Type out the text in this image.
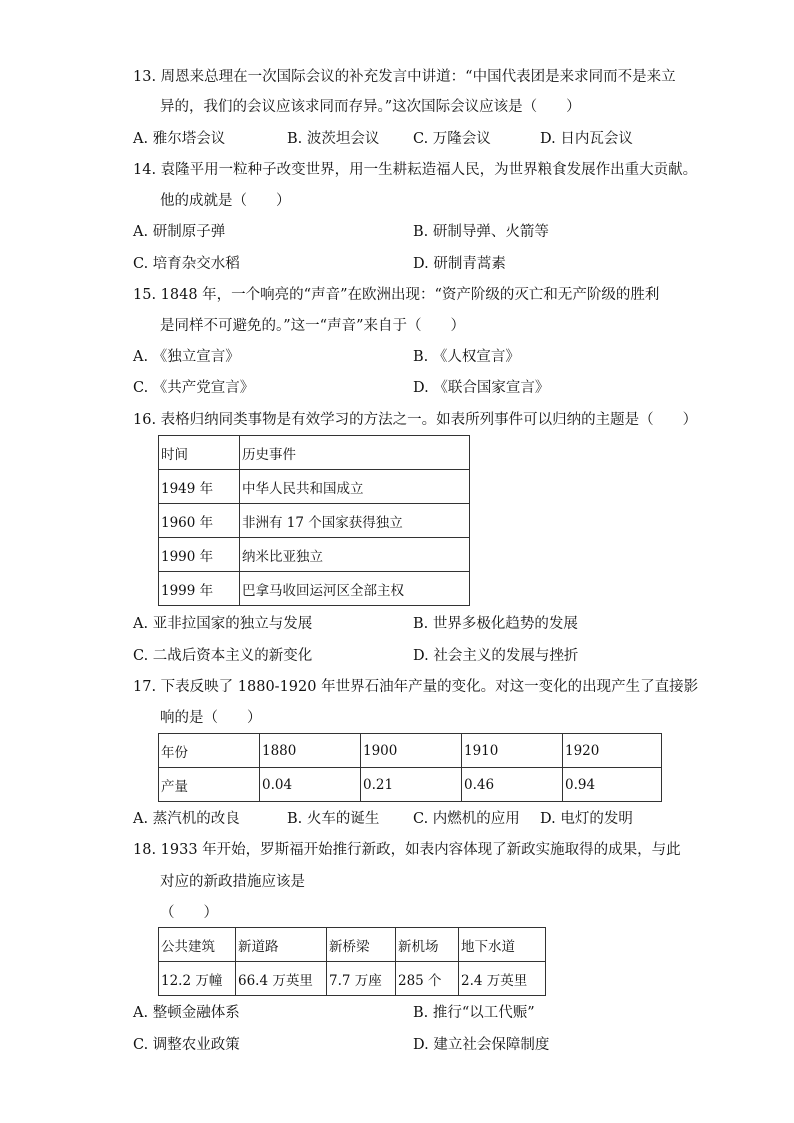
13. 周恩来总理在一次国际会议的补充发言中讲道：“中国代表团是来求同而不是来立
异的，我们的会议应该求同而存异。”这次国际会议应该是（　　）
A. 雅尔塔会议	B. 波茨坦会议 C. 万隆会议	D. 日内瓦会议
14. 袁隆平用一粒种子改变世界，用一生耕耘造福人民，为世界粮食发展作出重大贡献。
他的成就是（　　）
A. 研制原子弹	B. 研制导弹、火箭等
C. 培育杂交水稻	D. 研制青蒿素
15. 1848 年，一个响亮的“声音”在欧洲出现：“资产阶级的灭亡和无产阶级的胜利
是同样不可避免的。”这一“声音”来自于（　　）
A. 《独立宣言》	B. 《人权宣言》
C. 《共产党宣言》	D. 《联合国家宣言》
16. 表格归纳同类事物是有效学习的方法之一。如表所列事件可以归纳的主题是（　　）
时间	历史事件
1949 年	中华人民共和国成立
1960 年	非洲有 17 个国家获得独立
1990 年	纳米比亚独立
1999 年	巴拿马收回运河区全部主权
A. 亚非拉国家的独立与发展	B. 世界多极化趋势的发展
C. 二战后资本主义的新变化	D. 社会主义的发展与挫折
17. 下表反映了 1880-1920 年世界石油年产量的变化。对这一变化的出现产生了直接影
响的是（　　）
年份	1880	1900	1910	1920
产量	0.04	0.21	0.46	0.94
A. 蒸汽机的改良	B. 火车的诞生 C. 内燃机的应用 D. 电灯的发明
18. 1933 年开始，罗斯福开始推行新政，如表内容体现了新政实施取得的成果，与此
对应的新政措施应该是
（　　）
公共建筑	新道路	新桥梁	新机场	地下水道
12.2 万幢	66.4 万英里	7.7 万座	285 个	2.4 万英里
A. 整顿金融体系	B. 推行“以工代赈”
C. 调整农业政策	D. 建立社会保障制度
